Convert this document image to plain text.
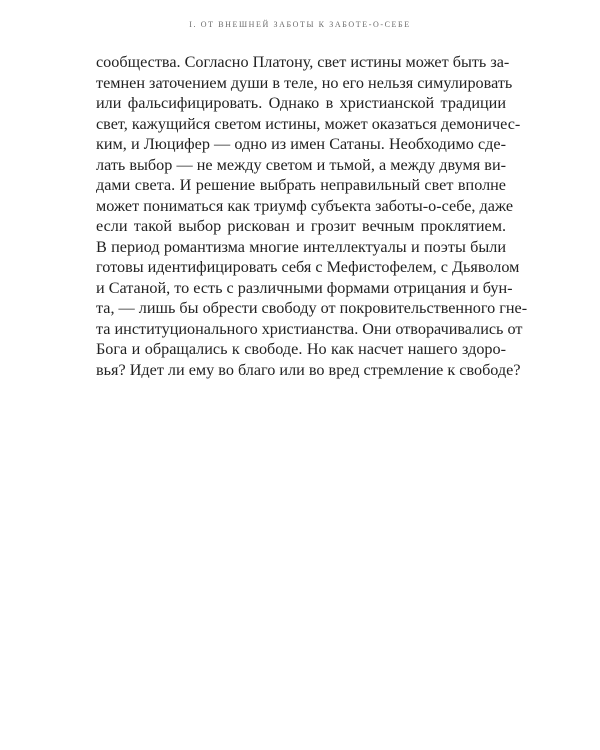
I. ОТ ВНЕШНЕЙ ЗАБОТЫ К ЗАБОТЕ-О-СЕБЕ
сообщества. Согласно Платону, свет истины может быть за-
темнен заточением души в теле, но его нельзя симулировать
или фальсифицировать. Однако в христианской традиции
свет, кажущийся светом истины, может оказаться демоничес-
ким, и Люцифер — одно из имен Сатаны. Необходимо сде-
лать выбор — не между светом и тьмой, а между двумя ви-
дами света. И решение выбрать неправильный свет вполне
может пониматься как триумф субъекта заботы-о-себе, даже
если такой выбор рискован и грозит вечным проклятием.
В период романтизма многие интеллектуалы и поэты были
готовы идентифицировать себя с Мефистофелем, с Дьяволом
и Сатаной, то есть с различными формами отрицания и бун-
та, — лишь бы обрести свободу от покровительственного гне-
та институционального христианства. Они отворачивались от
Бога и обращались к свободе. Но как насчет нашего здоро-
вья? Идет ли ему во благо или во вред стремление к свободе?
